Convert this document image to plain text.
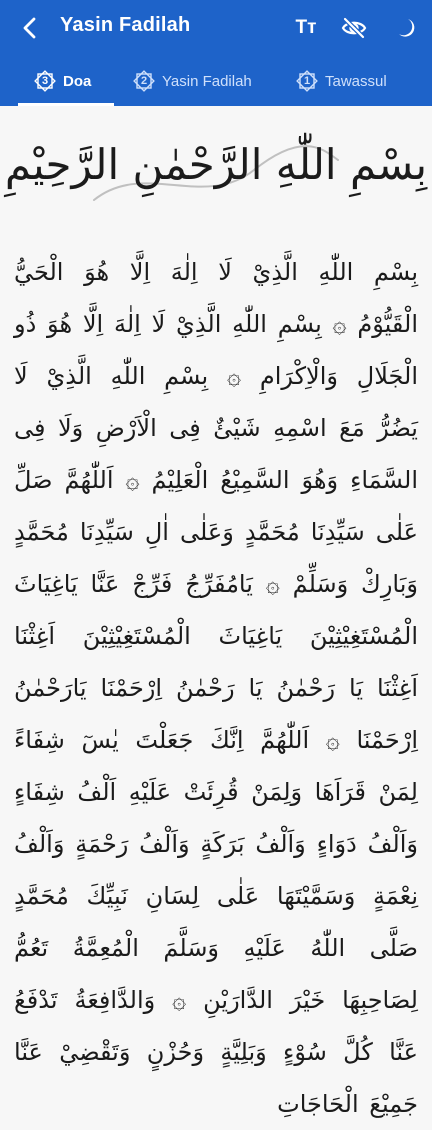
Yasin Fadilah	Tт
3 Doa	2 Yasin Fadilah	1 Tawassul
بِسْمِ اللّٰهِ الرَّحْمٰنِ الرَّحِيْمِ
بِسْمِ اللّٰهِ الَّذِيْ لَا اِلٰهَ اِلَّا هُوَ الْحَيُّ الْقَيُّوْمُ ۞ بِسْمِ اللّٰهِ الَّذِيْ لَا اِلٰهَ اِلَّا هُوَ ذُو الْجَلَالِ وَالْاِكْرَامِ ۞ بِسْمِ اللّٰهِ الَّذِيْ لَا يَضُرُّ مَعَ اسْمِهِ شَيْئٌ فِى الْاَرْضِ وَلَا فِى السَّمَاءِ وَهُوَ السَّمِيْعُ الْعَلِيْمُ ۞ اَللّٰهُمَّ صَلِّ عَلٰى سَيِّدِنَا مُحَمَّدٍ وَعَلٰى اٰلِ سَيِّدِنَا مُحَمَّدٍ وَبَارِكْ وَسَلِّمْ ۞ يَامُفَرِّجُ فَرِّجْ عَنَّا يَاغِيَاثَ الْمُسْتَغِيْثِيْنَ يَاغِيَاثَ الْمُسْتَغِيْثِيْنَ اَغِثْنَا اَغِثْنَا يَا رَحْمٰنُ يَا رَحْمٰنُ اِرْحَمْنَا يَارَحْمٰنُ اِرْحَمْنَا ۞ اَللّٰهُمَّ اِنَّكَ جَعَلْتَ يٰسٓ شِفَاءً لِمَنْ قَرَاَهَا وَلِمَنْ قُرِئَتْ عَلَيْهِ اَلْفُ شِفَاءٍ وَاَلْفُ دَوَاءٍ وَاَلْفُ بَرَكَةٍ وَاَلْفُ رَحْمَةٍ وَاَلْفُ نِعْمَةٍ وَسَمَّيْتَهَا عَلٰى لِسَانِ نَبِيِّكَ مُحَمَّدٍ صَلَّى اللّٰهُ عَلَيْهِ وَسَلَّمَ الْمُعِمَّةُ تَعُمُّ لِصَاحِبِهَا خَيْرَ الدَّارَيْنِ ۞ وَالدَّافِعَةُ تَدْفَعُ عَنَّا كُلَّ سُوْءٍ وَبَلِيَّةٍ وَحُزْنٍ وَتَقْضِيْ عَنَّا جَمِيْعَ الْحَاجَاتِ
